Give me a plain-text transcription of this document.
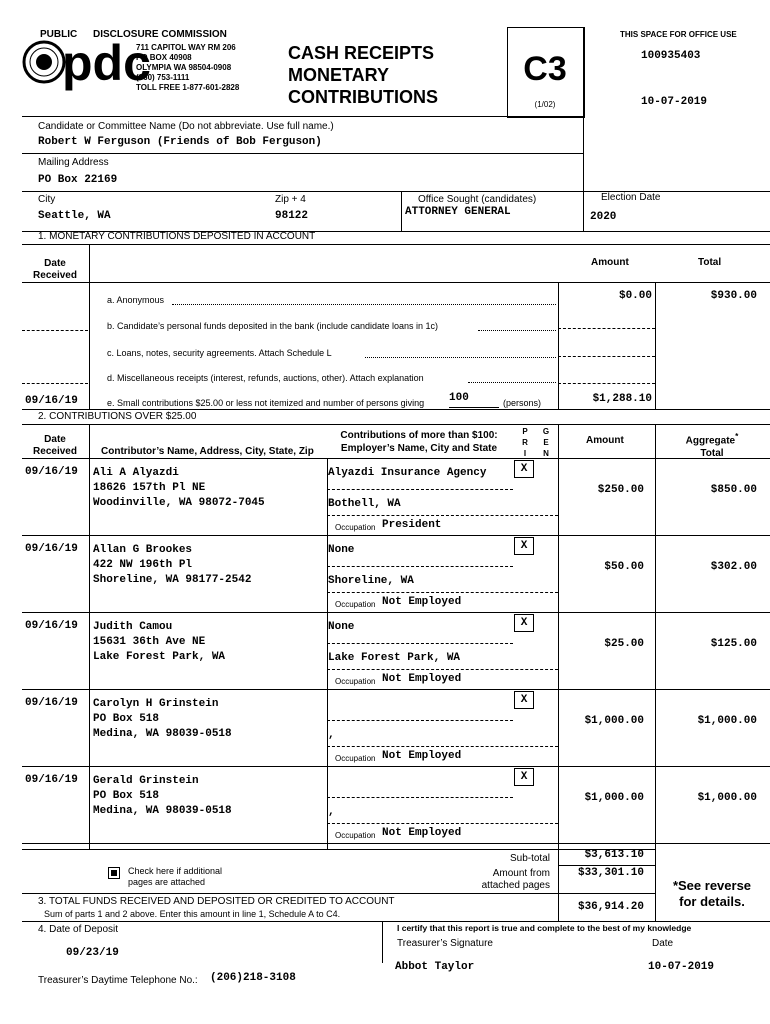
PUBLIC DISCLOSURE COMMISSION
pdc
711 CAPITOL WAY RM 206
PO BOX 40908
OLYMPIA WA 98504-0908
(360) 753-1111
TOLL FREE 1-877-601-2828
CASH RECEIPTS
MONETARY
CONTRIBUTIONS
C3
(1/02)
THIS SPACE FOR OFFICE USE
100935403
10-07-2019
Candidate or Committee Name (Do not abbreviate. Use full name.)
Robert W Ferguson (Friends of Bob Ferguson)
Mailing Address
PO Box 22169
City
Seattle, WA
Zip + 4
98122
Office Sought (candidates)
ATTORNEY GENERAL
Election Date
2020
1. MONETARY CONTRIBUTIONS DEPOSITED IN ACCOUNT
Date
Received
Amount	Total
a. Anonymous	$0.00	$930.00
b. Candidate’s personal funds deposited in the bank (include candidate loans in 1c)
c. Loans, notes, security agreements. Attach Schedule L
d. Miscellaneous receipts (interest, refunds, auctions, other). Attach explanation
09/16/19	e. Small contributions $25.00 or less not itemized and number of persons giving 100	(persons)	$1,288.10
2. CONTRIBUTIONS OVER $25.00
Date
Received	Contributor’s Name, Address, City, State, Zip
Contributions of more than $100:
Employer’s Name, City and State
P
R
I
G
E
N
Amount	Aggregate*
Total
09/16/19 Ali A Alyazdi
18626 157th Pl NE
Woodinville, WA 98072-7045
Alyazdi Insurance Agency
Bothell, WA
Occupation President
X
$250.00	$850.00
09/16/19 Allan G Brookes
422 NW 196th Pl
Shoreline, WA 98177-2542
None
Shoreline, WA
Occupation Not Employed
X
$50.00	$302.00
09/16/19 Judith Camou
15631 36th Ave NE
Lake Forest Park, WA
None
Lake Forest Park, WA
Occupation Not Employed
X
$25.00	$125.00
09/16/19 Carolyn H Grinstein
PO Box 518
Medina, WA 98039-0518	,
Occupation Not Employed
X
$1,000.00	$1,000.00
09/16/19 Gerald Grinstein
PO Box 518
Medina, WA 98039-0518	,
Occupation Not Employed
X
$1,000.00	$1,000.00
Check here if additional
pages are attached
Sub-total	$3,613.10
Amount from
attached pages
$33,301.10
*See reverse
for details.
3. TOTAL FUNDS RECEIVED AND DEPOSITED OR CREDITED TO ACCOUNT
Sum of parts 1 and 2 above. Enter this amount in line 1, Schedule A to C4.
$36,914.20
4. Date of Deposit
09/23/19
Treasurer’s Daytime Telephone No.: (206)218-3108
I certify that this report is true and complete to the best of my knowledge
Treasurer’s Signature	Date
Abbot Taylor	10-07-2019
